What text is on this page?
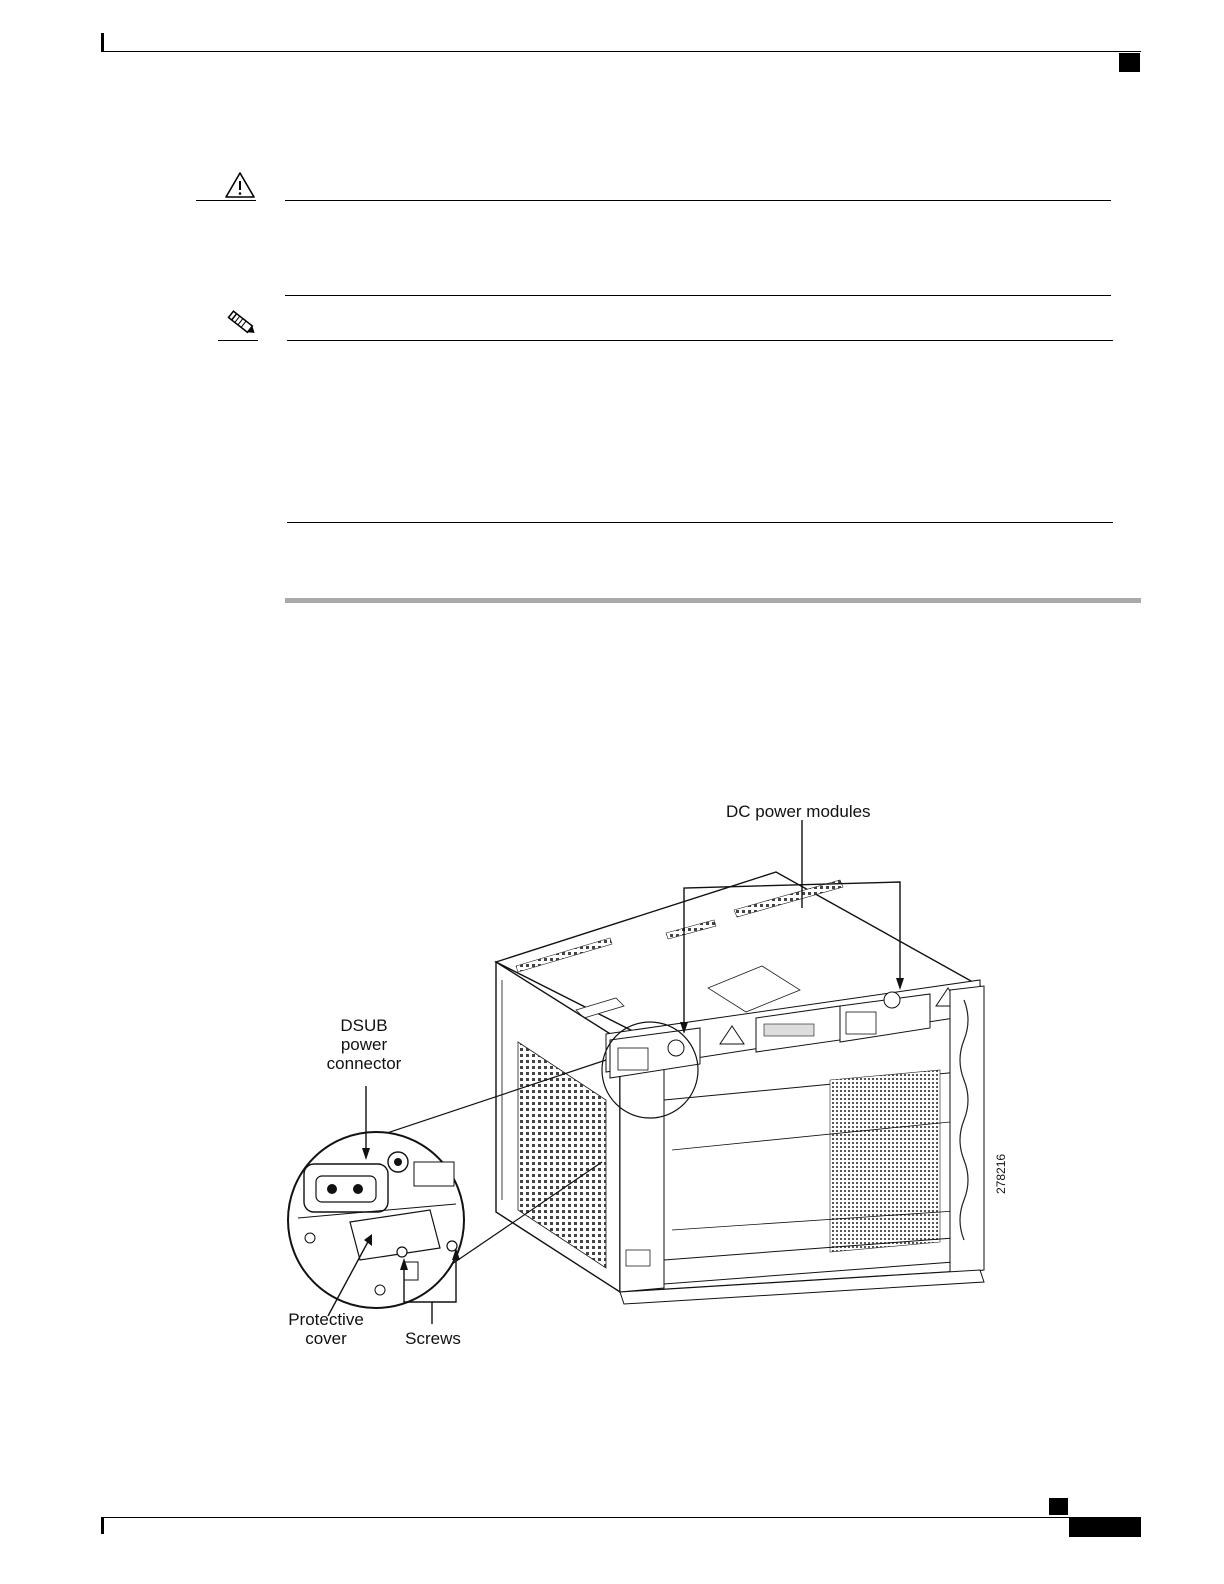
DC power modules
DSUB
power
connector
Protective
cover	Screws
278216
